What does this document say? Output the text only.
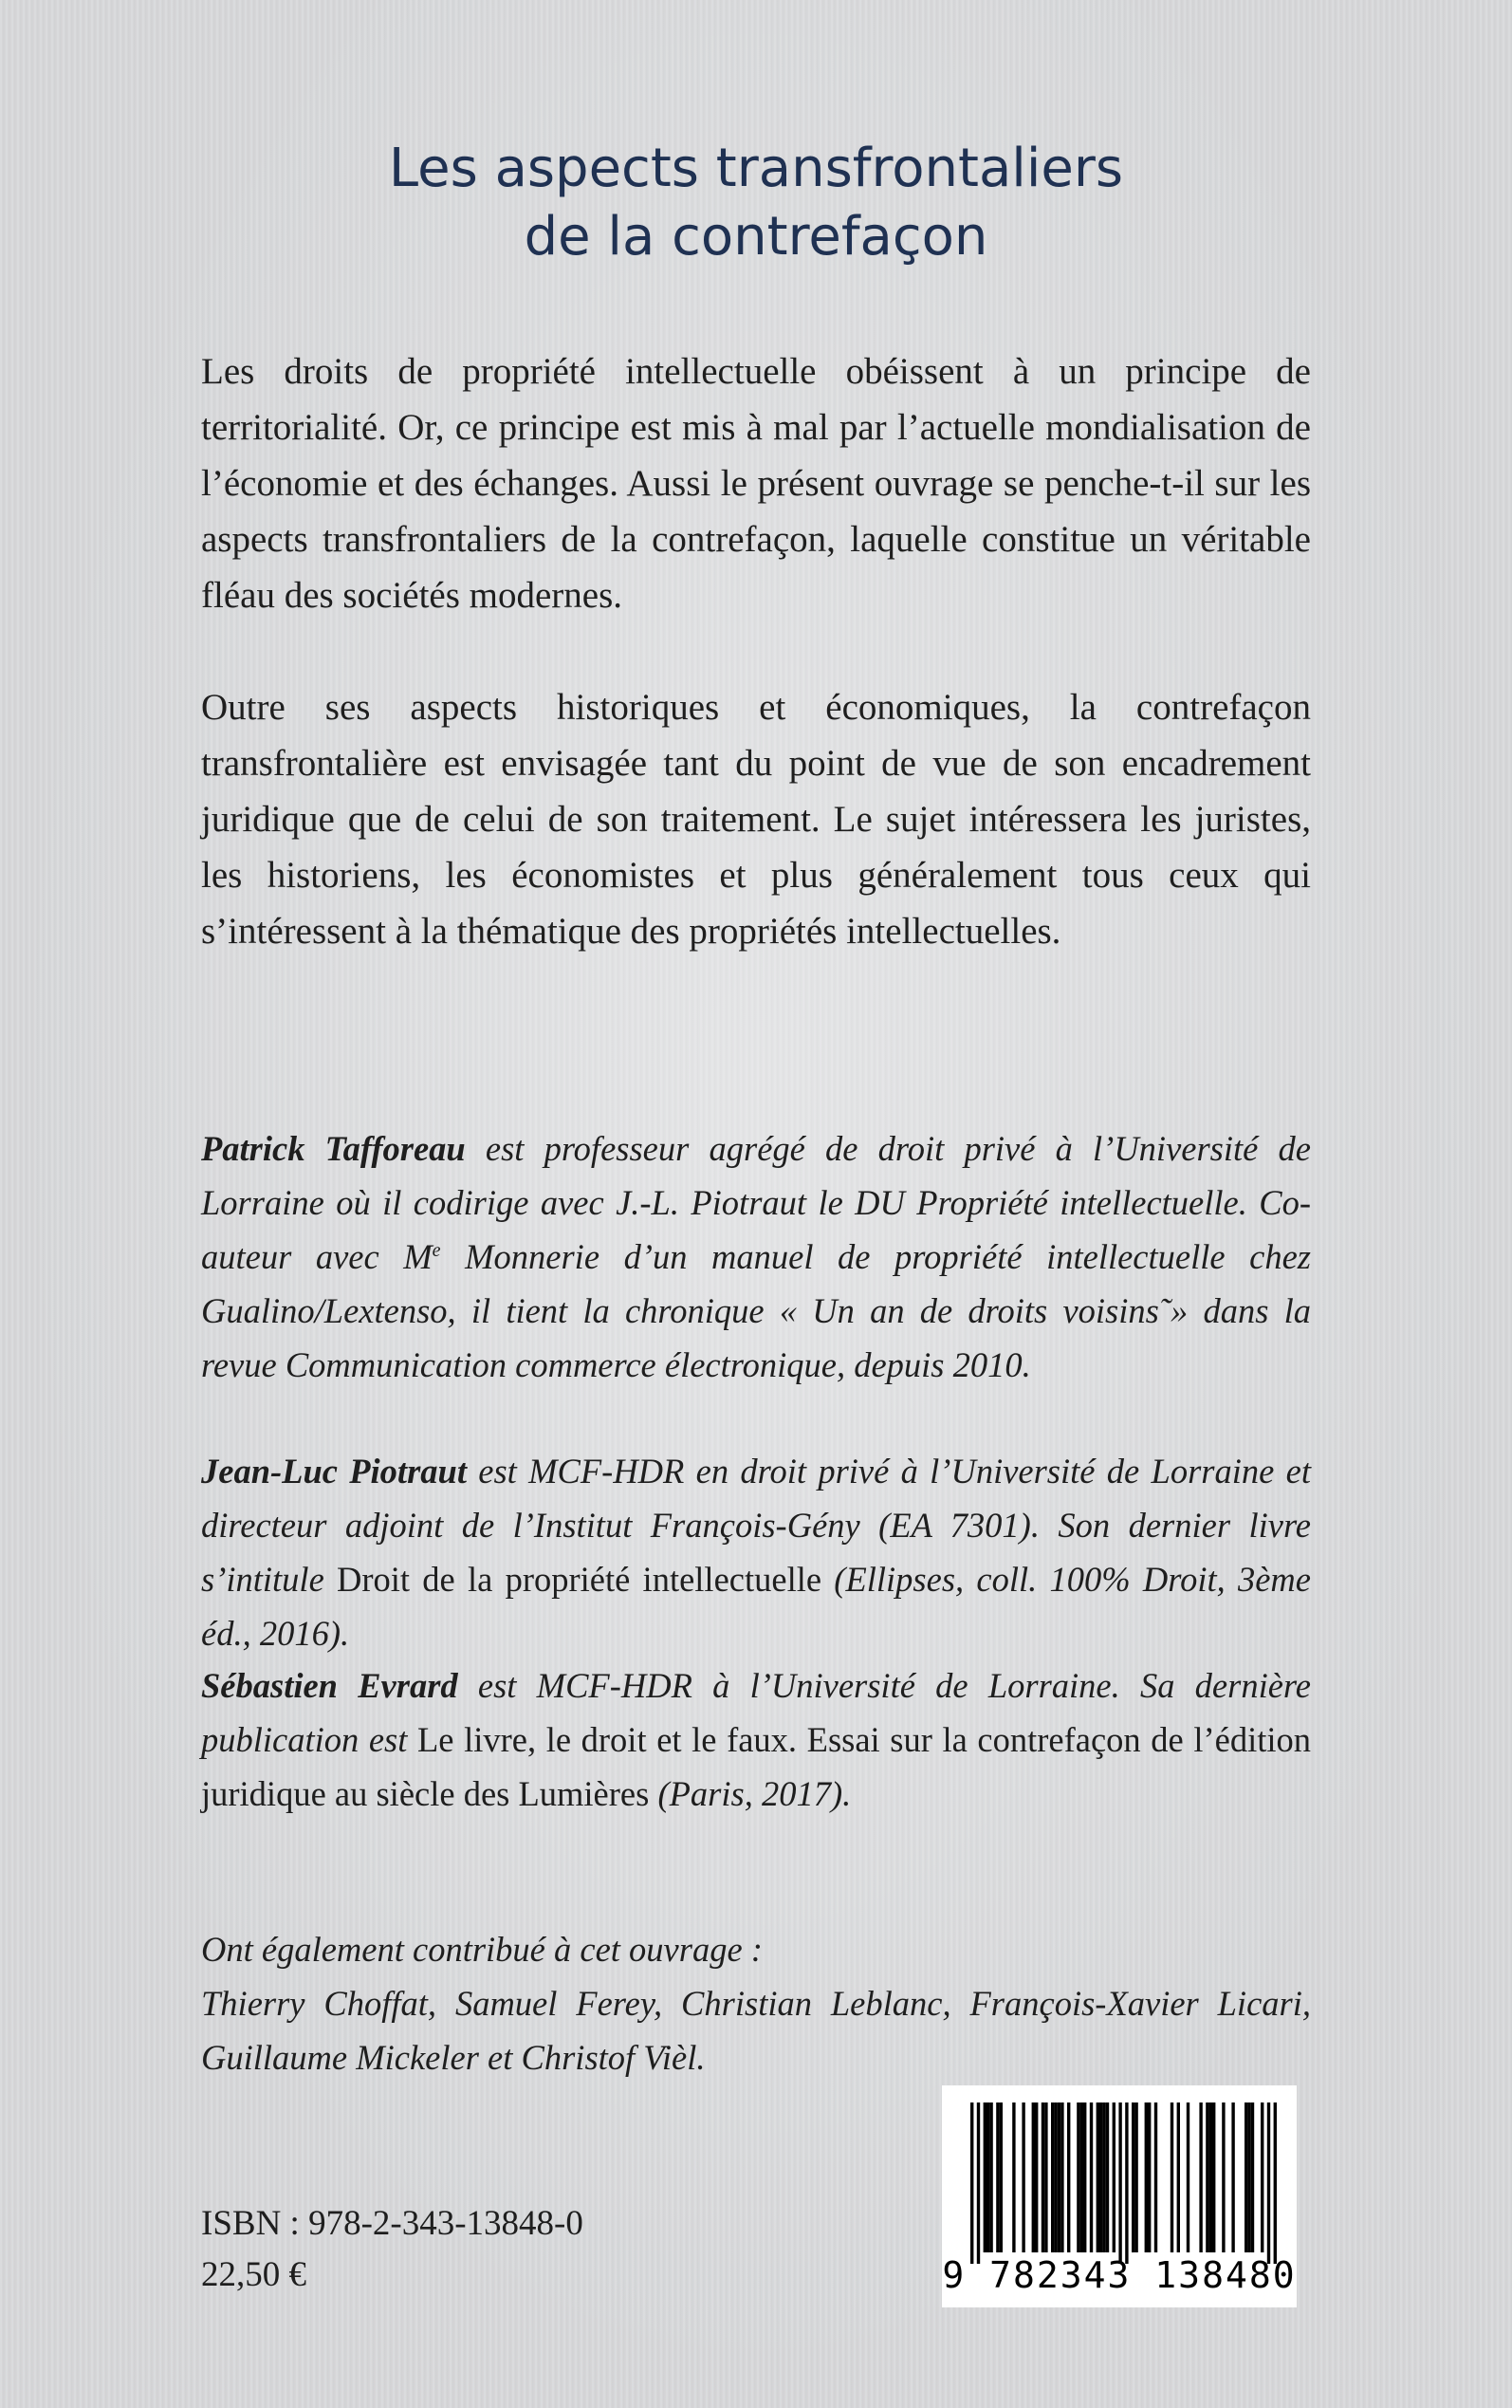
Les aspects transfrontaliers
de la contrefaçon
Les droits de propriété intellectuelle obéissent à un principe de territorialité. Or, ce principe est mis à mal par l’actuelle mondialisation de l’économie et des échanges. Aussi le présent ouvrage se penche-t-il sur les aspects transfrontaliers de la contrefaçon, laquelle constitue un véritable fléau des sociétés modernes.
Outre ses aspects historiques et économiques, la contrefaçon transfrontalière est envisagée tant du point de vue de son encadrement juridique que de celui de son traitement. Le sujet intéressera les juristes, les historiens, les économistes et plus généralement tous ceux qui s’intéressent à la thématique des propriétés intellectuelles.
Patrick Tafforeau est professeur agrégé de droit privé à l’Université de Lorraine où il codirige avec J.-L. Piotraut le DU Propriété intellectuelle. Co-auteur avec Me Monnerie d’un manuel de propriété intellectuelle chez Gualino/Lextenso, il tient la chronique « Un an de droits voisins˜» dans la revue Communication commerce électronique, depuis 2010.
Jean-Luc Piotraut est MCF-HDR en droit privé à l’Université de Lorraine et directeur adjoint de l’Institut François-Gény (EA 7301). Son dernier livre s’intitule Droit de la propriété intellectuelle (Ellipses, coll. 100% Droit, 3ème éd., 2016).
Sébastien Evrard est MCF-HDR à l’Université de Lorraine. Sa dernière publication est Le livre, le droit et le faux. Essai sur la contrefaçon de l’édition juridique au siècle des Lumières (Paris, 2017).
Ont également contribué à cet ouvrage :
Thierry Choffat, Samuel Ferey, Christian Leblanc, François-Xavier Licari, Guillaume Mickeler et Christof Vièl.
ISBN : 978-2-343-13848-0
22,50 €	9 782343 138480
